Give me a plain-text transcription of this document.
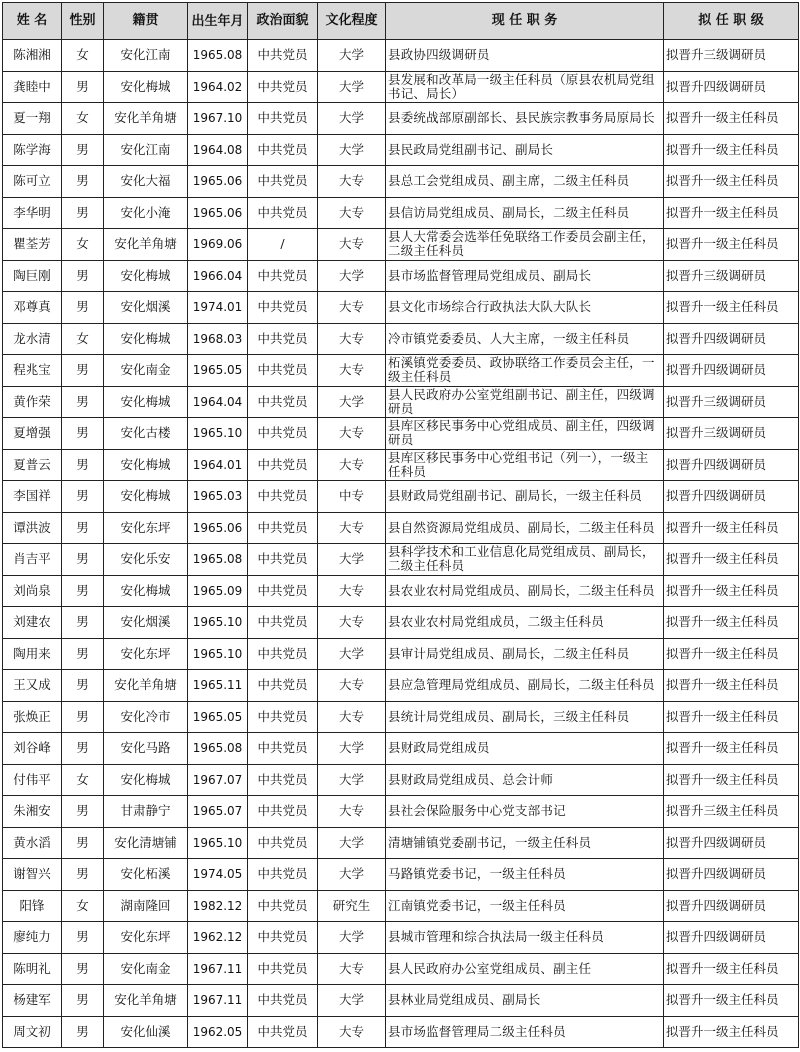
姓 名	性别	籍贯	出生年月	政治面貌	文化程度	现 任 职 务	拟 任 职 级
陈湘湘	女	安化江南	1965.08	中共党员	大学	县政协四级调研员	拟晋升三级调研员
龚睦中	男	安化梅城	1964.02	中共党员	大学	县发展和改革局一级主任科员（原县农机局党组书记、局长）	拟晋升四级调研员
夏一翔	女	安化羊角塘	1967.10	中共党员	大学	县委统战部原副部长、县民族宗教事务局原局长	拟晋升一级主任科员
陈学海	男	安化江南	1964.08	中共党员	大学	县民政局党组副书记、副局长	拟晋升一级主任科员
陈可立	男	安化大福	1965.06	中共党员	大专	县总工会党组成员、副主席，二级主任科员	拟晋升一级主任科员
李华明	男	安化小淹	1965.06	中共党员	大专	县信访局党组成员、副局长，二级主任科员	拟晋升一级主任科员
瞿荃芳	女	安化羊角塘	1969.06	/	大专	县人大常委会选举任免联络工作委员会副主任，二级主任科员	拟晋升一级主任科员
陶巨刚	男	安化梅城	1966.04	中共党员	大学	县市场监督管理局党组成员、副局长	拟晋升三级调研员
邓尊真	男	安化烟溪	1974.01	中共党员	大专	县文化市场综合行政执法大队大队长	拟晋升一级主任科员
龙水清	女	安化梅城	1968.03	中共党员	大专	冷市镇党委委员、人大主席，一级主任科员	拟晋升四级调研员
程兆宝	男	安化南金	1965.05	中共党员	大专	柘溪镇党委委员、政协联络工作委员会主任，一级主任科员	拟晋升四级调研员
黄作荣	男	安化梅城	1964.04	中共党员	大学	县人民政府办公室党组副书记、副主任，四级调研员	拟晋升三级调研员
夏增强	男	安化古楼	1965.10	中共党员	大专	县库区移民事务中心党组成员、副主任，四级调研员	拟晋升三级调研员
夏普云	男	安化梅城	1964.01	中共党员	大专	县库区移民事务中心党组书记（列一），一级主任科员	拟晋升四级调研员
李国祥	男	安化梅城	1965.03	中共党员	中专	县财政局党组副书记、副局长，一级主任科员	拟晋升四级调研员
谭洪波	男	安化东坪	1965.06	中共党员	大专	县自然资源局党组成员、副局长，二级主任科员	拟晋升一级主任科员
肖吉平	男	安化乐安	1965.08	中共党员	大学	县科学技术和工业信息化局党组成员、副局长，二级主任科员	拟晋升一级主任科员
刘尚泉	男	安化梅城	1965.09	中共党员	大专	县农业农村局党组成员、副局长，二级主任科员	拟晋升一级主任科员
刘建农	男	安化烟溪	1965.10	中共党员	大专	县农业农村局党组成员，二级主任科员	拟晋升一级主任科员
陶用来	男	安化东坪	1965.10	中共党员	大学	县审计局党组成员、副局长，二级主任科员	拟晋升一级主任科员
王又成	男	安化羊角塘	1965.11	中共党员	大专	县应急管理局党组成员、副局长，二级主任科员	拟晋升一级主任科员
张焕正	男	安化冷市	1965.05	中共党员	大专	县统计局党组成员、副局长，三级主任科员	拟晋升一级主任科员
刘谷峰	男	安化马路	1965.08	中共党员	大学	县财政局党组成员	拟晋升一级主任科员
付伟平	女	安化梅城	1967.07	中共党员	大学	县财政局党组成员、总会计师	拟晋升一级主任科员
朱湘安	男	甘肃静宁	1965.07	中共党员	大专	县社会保险服务中心党支部书记	拟晋升三级主任科员
黄水滔	男	安化清塘铺	1965.10	中共党员	大学	清塘铺镇党委副书记，一级主任科员	拟晋升四级调研员
谢智兴	男	安化柘溪	1974.05	中共党员	大学	马路镇党委书记，一级主任科员	拟晋升四级调研员
阳锋	女	湖南隆回	1982.12	中共党员	研究生	江南镇党委书记，一级主任科员	拟晋升四级调研员
廖纯力	男	安化东坪	1962.12	中共党员	大学	县城市管理和综合执法局一级主任科员	拟晋升四级调研员
陈明礼	男	安化南金	1967.11	中共党员	大专	县人民政府办公室党组成员、副主任	拟晋升一级主任科员
杨建军	男	安化羊角塘	1967.11	中共党员	大学	县林业局党组成员、副局长	拟晋升一级主任科员
周文初	男	安化仙溪	1962.05	中共党员	大专	县市场监督管理局二级主任科员	拟晋升一级主任科员
